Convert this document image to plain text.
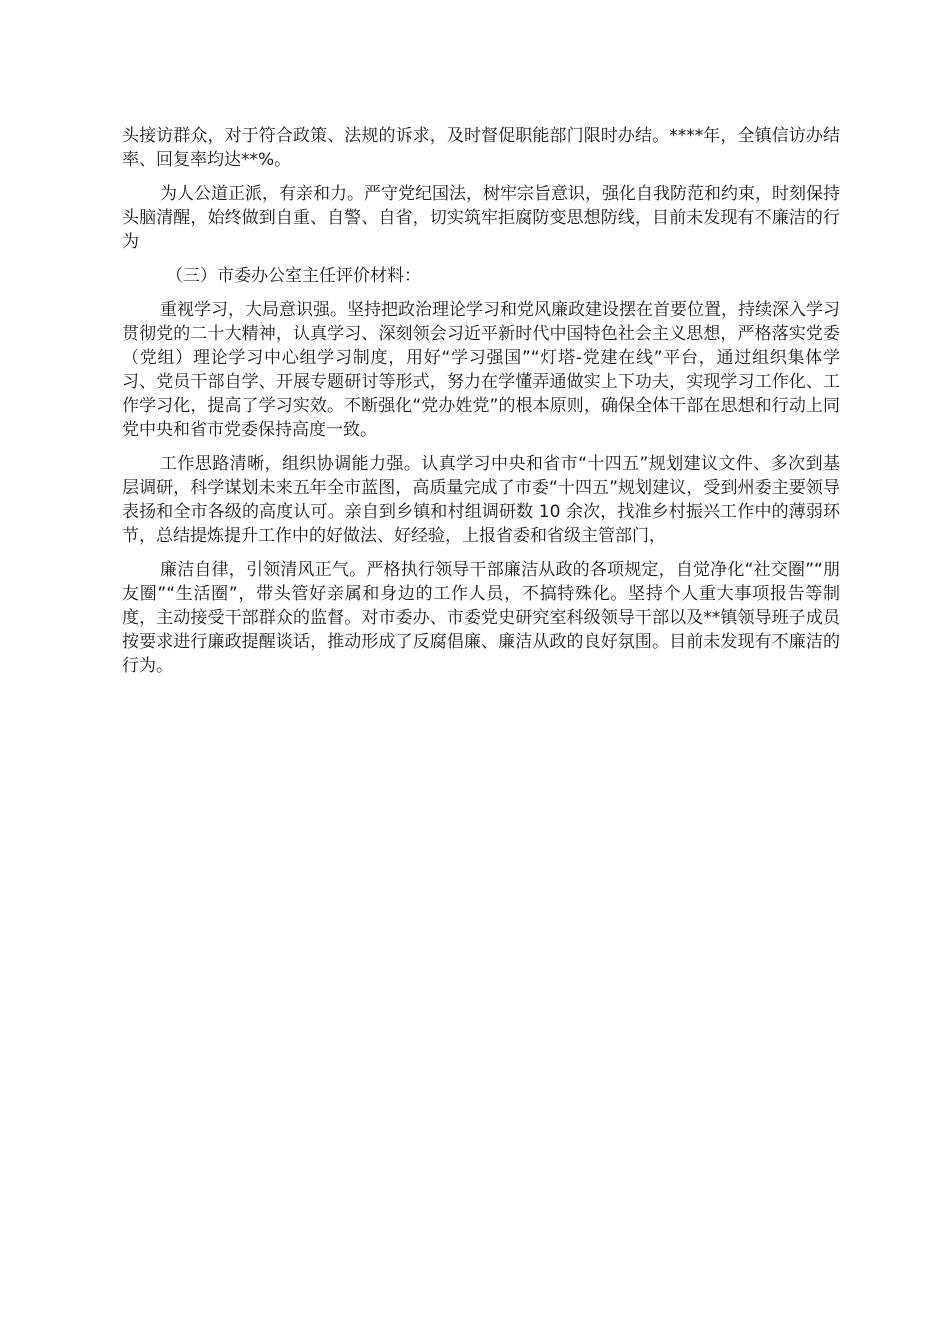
头接访群众，对于符合政策、法规的诉求，及时督促职能部门限时办结。****年，全镇信访办结率、回复率均达**%。

为人公道正派，有亲和力。严守党纪国法，树牢宗旨意识，强化自我防范和约束，时刻保持头脑清醒，始终做到自重、自警、自省，切实筑牢拒腐防变思想防线，目前未发现有不廉洁的行为

（三）市委办公室主任评价材料：

重视学习，大局意识强。坚持把政治理论学习和党风廉政建设摆在首要位置，持续深入学习贯彻党的二十大精神，认真学习、深刻领会习近平新时代中国特色社会主义思想，严格落实党委（党组）理论学习中心组学习制度，用好“学习强国”“灯塔-党建在线”平台，通过组织集体学习、党员干部自学、开展专题研讨等形式，努力在学懂弄通做实上下功夫，实现学习工作化、工作学习化，提高了学习实效。不断强化“党办姓党”的根本原则，确保全体干部在思想和行动上同党中央和省市党委保持高度一致。

工作思路清晰，组织协调能力强。认真学习中央和省市“十四五”规划建议文件、多次到基层调研，科学谋划未来五年全市蓝图，高质量完成了市委“十四五”规划建议，受到州委主要领导表扬和全市各级的高度认可。亲自到乡镇和村组调研数 10 余次，找准乡村振兴工作中的薄弱环节，总结提炼提升工作中的好做法、好经验，上报省委和省级主管部门，

廉洁自律，引领清风正气。严格执行领导干部廉洁从政的各项规定，自觉净化“社交圈”“朋友圈”“生活圈”，带头管好亲属和身边的工作人员，不搞特殊化。坚持个人重大事项报告等制度，主动接受干部群众的监督。对市委办、市委党史研究室科级领导干部以及**镇领导班子成员按要求进行廉政提醒谈话，推动形成了反腐倡廉、廉洁从政的良好氛围。目前未发现有不廉洁的行为。
